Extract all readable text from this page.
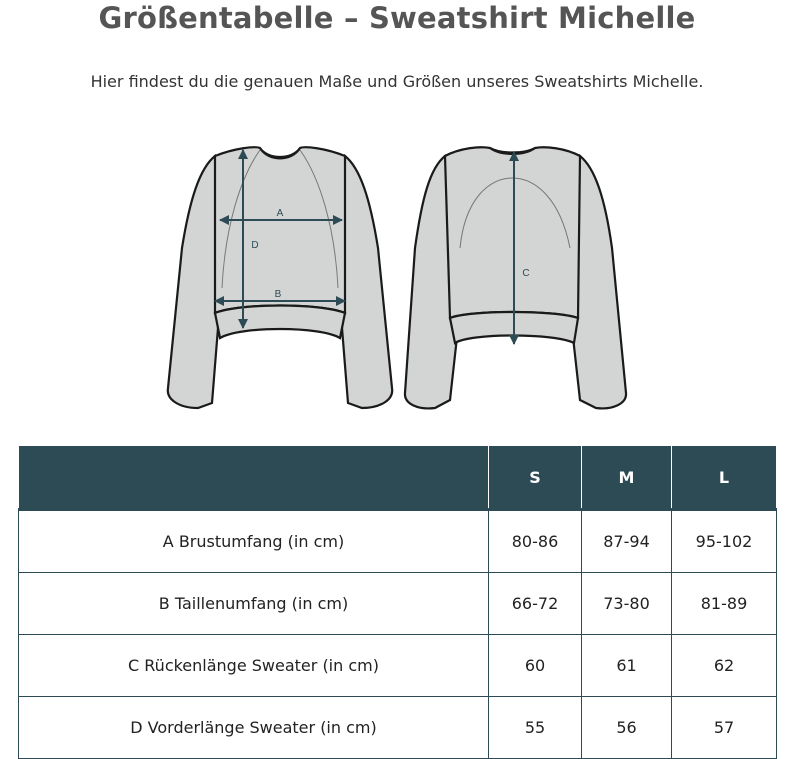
Größentabelle – Sweatshirt Michelle
Hier findest du die genauen Maße und Größen unseres Sweatshirts Michelle.
A
D
B
C
	S	M	L
A Brustumfang (in cm)	80-86	87-94	95-102
B Taillenumfang (in cm)	66-72	73-80	81-89
C Rückenlänge Sweater (in cm)	60	61	62
D Vorderlänge Sweater (in cm)	55	56	57
